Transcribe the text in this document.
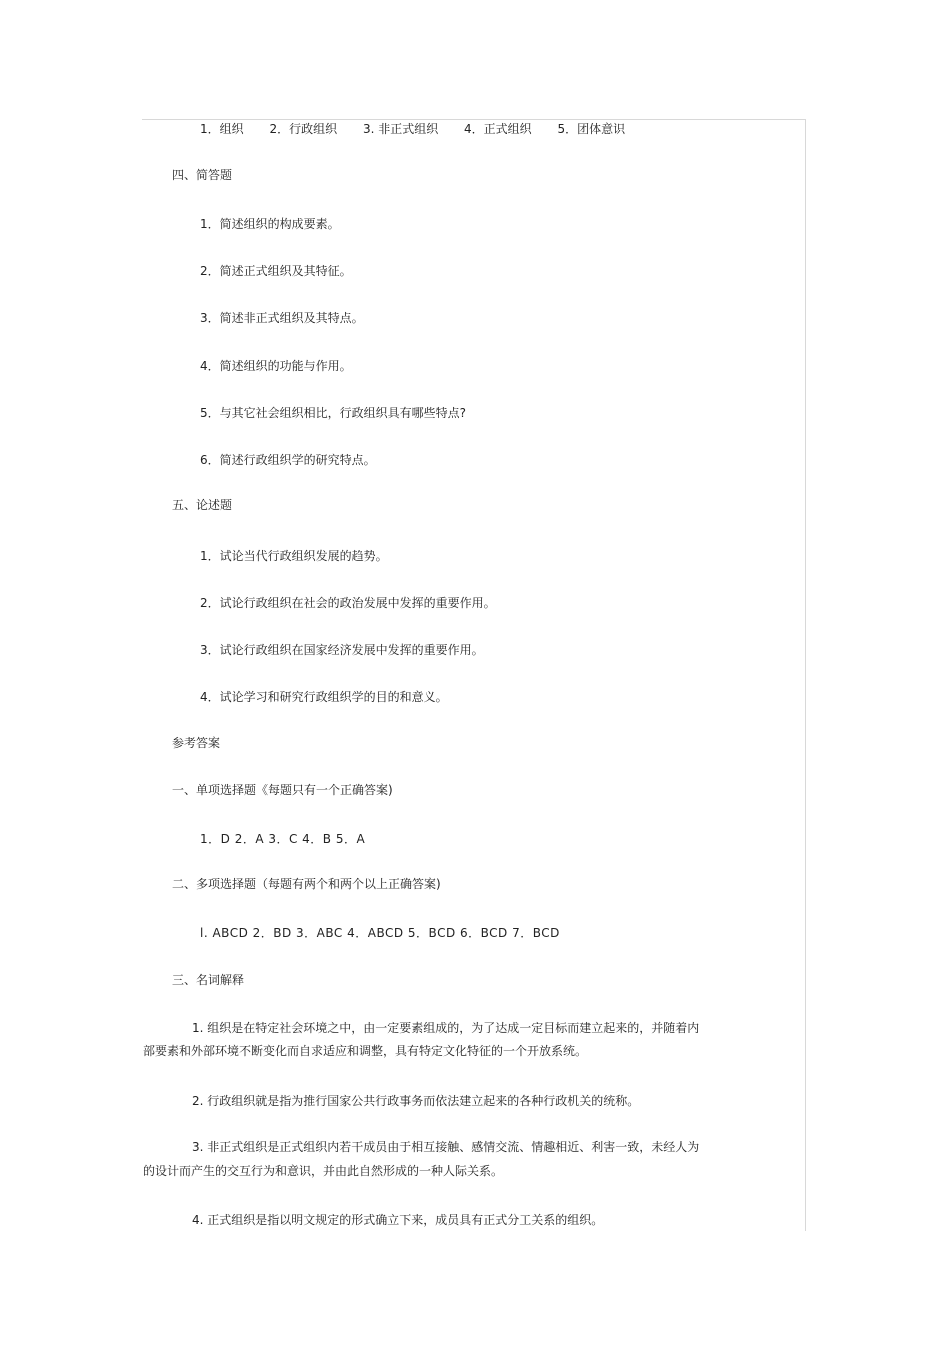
1．组织 2．行政组织 3. 非正式组织 4．正式组织 5．团体意识
四、简答题
1．简述组织的构成要素。
2．简述正式组织及其特征。
3．简述非正式组织及其特点。
4．简述组织的功能与作用。
5．与其它社会组织相比，行政组织具有哪些特点?
6．简述行政组织学的研究特点。
五、论述题
1．试论当代行政组织发展的趋势。
2．试论行政组织在社会的政治发展中发挥的重要作用。
3．试论行政组织在国家经济发展中发挥的重要作用。
4．试论学习和研究行政组织学的目的和意义。
参考答案
一、单项选择题《每题只有一个正确答案)
1．D 2．A 3．C 4．B 5．A
二、多项选择题（每题有两个和两个以上正确答案)
l. ABCD 2．BD 3．ABC 4．ABCD 5．BCD 6．BCD 7．BCD
三、名词解释
1. 组织是在特定社会环境之中，由一定要素组成的，为了达成一定目标而建立起来的，并随着内
部要素和外部环境不断变化而自求适应和调整，具有特定文化特征的一个开放系统。
2. 行政组织就是指为推行国家公共行政事务而依法建立起来的各种行政机关的统称。
3. 非正式组织是正式组织内若干成员由于相互接触、感情交流、情趣相近、利害一致，未经人为
的设计而产生的交互行为和意识，并由此自然形成的一种人际关系。
4. 正式组织是指以明文规定的形式确立下来，成员具有正式分工关系的组织。
